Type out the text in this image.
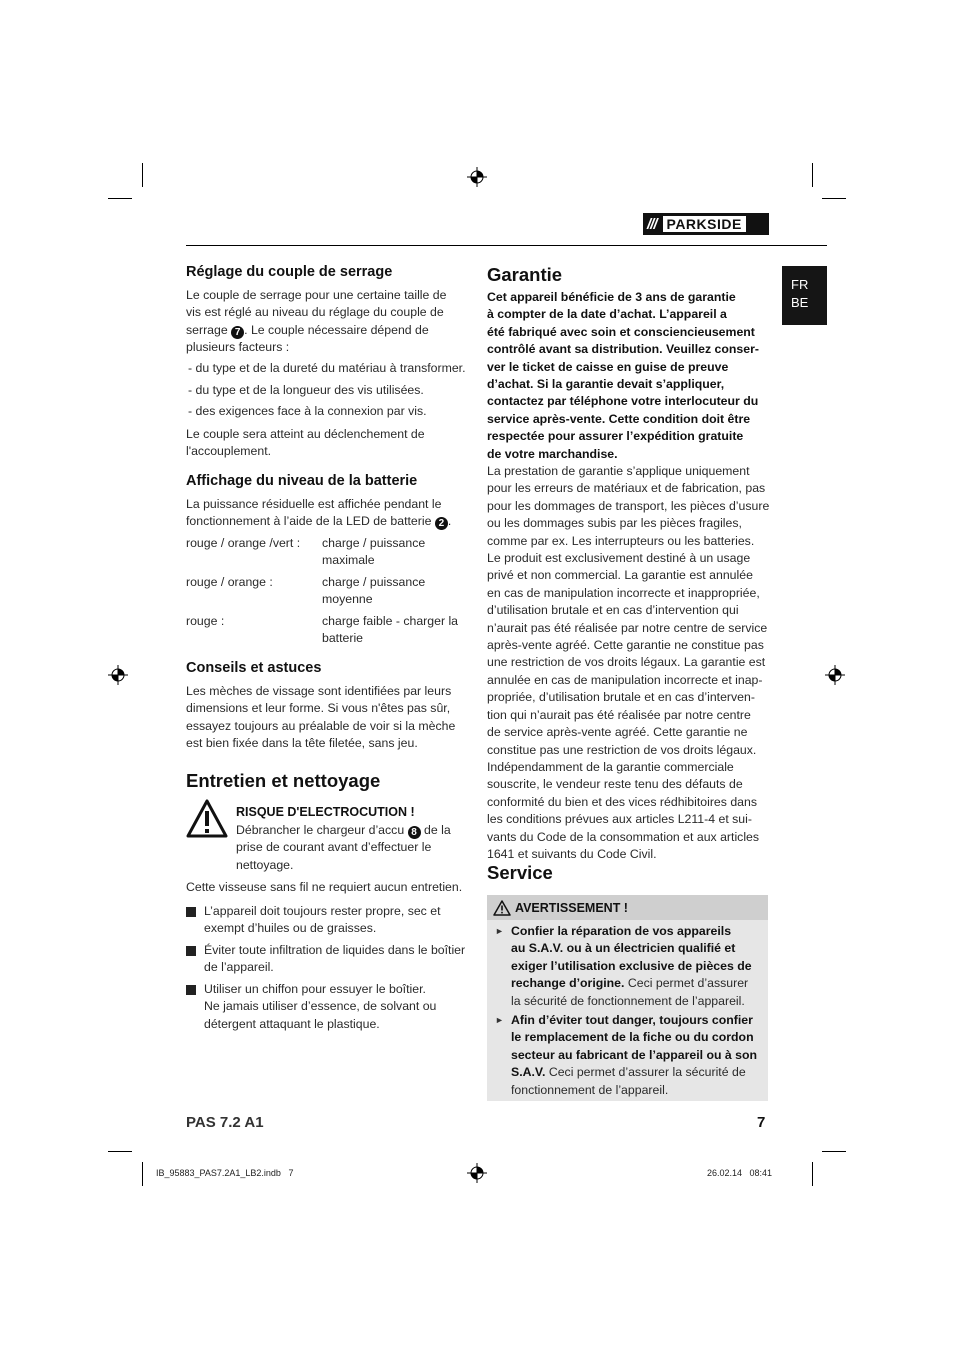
/// PARKSIDE
FR
BE
Réglage du couple de serrage
Le couple de serrage pour une certaine taille de
vis est réglé au niveau du réglage du couple de
serrage 7 . Le couple nécessaire dépend de
plusieurs facteurs :
- du type et de la dureté du matériau à transformer.
- du type et de la longueur des vis utilisées.
- des exigences face à la connexion par vis.
Le couple sera atteint au déclenchement de
l'accouplement.
Affichage du niveau de la batterie
La puissance résiduelle est affichée pendant le
fonctionnement à l’aide de la LED de batterie 2 .
rouge / orange /vert : charge / puissance
maximale
rouge / orange :	charge / puissance
moyenne
rouge :	charge faible - charger la
batterie
Conseils et astuces
Les mèches de vissage sont identifiées par leurs
dimensions et leur forme. Si vous n'êtes pas sûr,
essayez toujours au préalable de voir si la mèche
est bien fixée dans la tête filetée, sans jeu.
Entretien et nettoyage
RISQUE D'ELECTROCUTION !
Débrancher le chargeur d’accu 8 de la
prise de courant avant d’effectuer le
nettoyage.
Cette visseuse sans fil ne requiert aucun entretien.
L’appareil doit toujours rester propre, sec et
exempt d’huiles ou de graisses.
Éviter toute infiltration de liquides dans le boîtier
de l’appareil.
Utiliser un chiffon pour essuyer le boîtier.
Ne jamais utiliser d’essence, de solvant ou
détergent attaquant le plastique.
Garantie
Cet appareil bénéficie de 3 ans de garantie
à compter de la date d’achat. L’appareil a
été fabriqué avec soin et consciencieusement
contrôlé avant sa distribution. Veuillez conser-
ver le ticket de caisse en guise de preuve
d’achat. Si la garantie devait s’appliquer,
contactez par téléphone votre interlocuteur du
service après-vente. Cette condition doit être
respectée pour assurer l’expédition gratuite
de votre marchandise.
La prestation de garantie s’applique uniquement
pour les erreurs de matériaux et de fabrication, pas
pour les dommages de transport, les pièces d’usure
ou les dommages subis par les pièces fragiles,
comme par ex. Les interrupteurs ou les batteries.
Le produit est exclusivement destiné à un usage
privé et non commercial. La garantie est annulée
en cas de manipulation incorrecte et inappropriée,
d’utilisation brutale et en cas d’intervention qui
n’aurait pas été réalisée par notre centre de service
après-vente agréé. Cette garantie ne constitue pas
une restriction de vos droits légaux. La garantie est
annulée en cas de manipulation incorrecte et inap-
propriée, d’utilisation brutale et en cas d’interven-
tion qui n’aurait pas été réalisée par notre centre
de service après-vente agréé. Cette garantie ne
constitue pas une restriction de vos droits légaux.
Indépendamment de la garantie commerciale
souscrite, le vendeur reste tenu des défauts de
conformité du bien et des vices rédhibitoires dans
les conditions prévues aux articles L211-4 et sui-
vants du Code de la consommation et aux articles
1641 et suivants du Code Civil.
Service
AVERTISSEMENT !
► Confier la réparation de vos appareils
au S.A.V. ou à un électricien qualifié et
exiger l’utilisation exclusive de pièces de
rechange d’origine. Ceci permet d’assurer
la sécurité de fonctionnement de l’appareil.
► Afin d’éviter tout danger, toujours confier
le remplacement de la fiche ou du cordon
secteur au fabricant de l’appareil ou à son
S.A.V. Ceci permet d’assurer la sécurité de
fonctionnement de l’appareil.
PAS 7.2 A1	7
IB_95883_PAS7.2A1_LB2.indb   7	26.02.14   08:41
